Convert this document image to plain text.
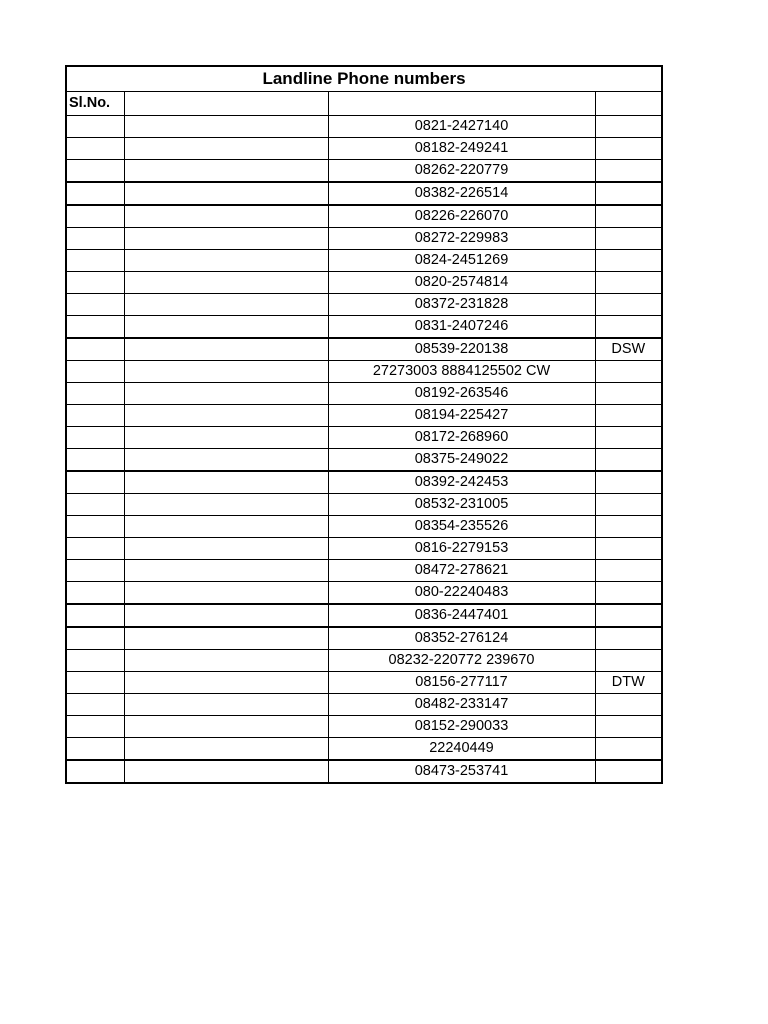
Landline Phone numbers			
Sl.No.			
		0821-2427140	
		08182-249241	
		08262-220779	
		08382-226514	
		08226-226070	
		08272-229983	
		0824-2451269	
		0820-2574814	
		08372-231828	
		0831-2407246	
		08539-220138	DSW
		27273003 8884125502 CW	
		08192-263546	
		08194-225427	
		08172-268960	
		08375-249022	
		08392-242453	
		08532-231005	
		08354-235526	
		0816-2279153	
		08472-278621	
		080-22240483	
		0836-2447401	
		08352-276124	
		08232-220772 239670	
		08156-277117	DTW
		08482-233147	
		08152-290033	
		22240449	
		08473-253741	
